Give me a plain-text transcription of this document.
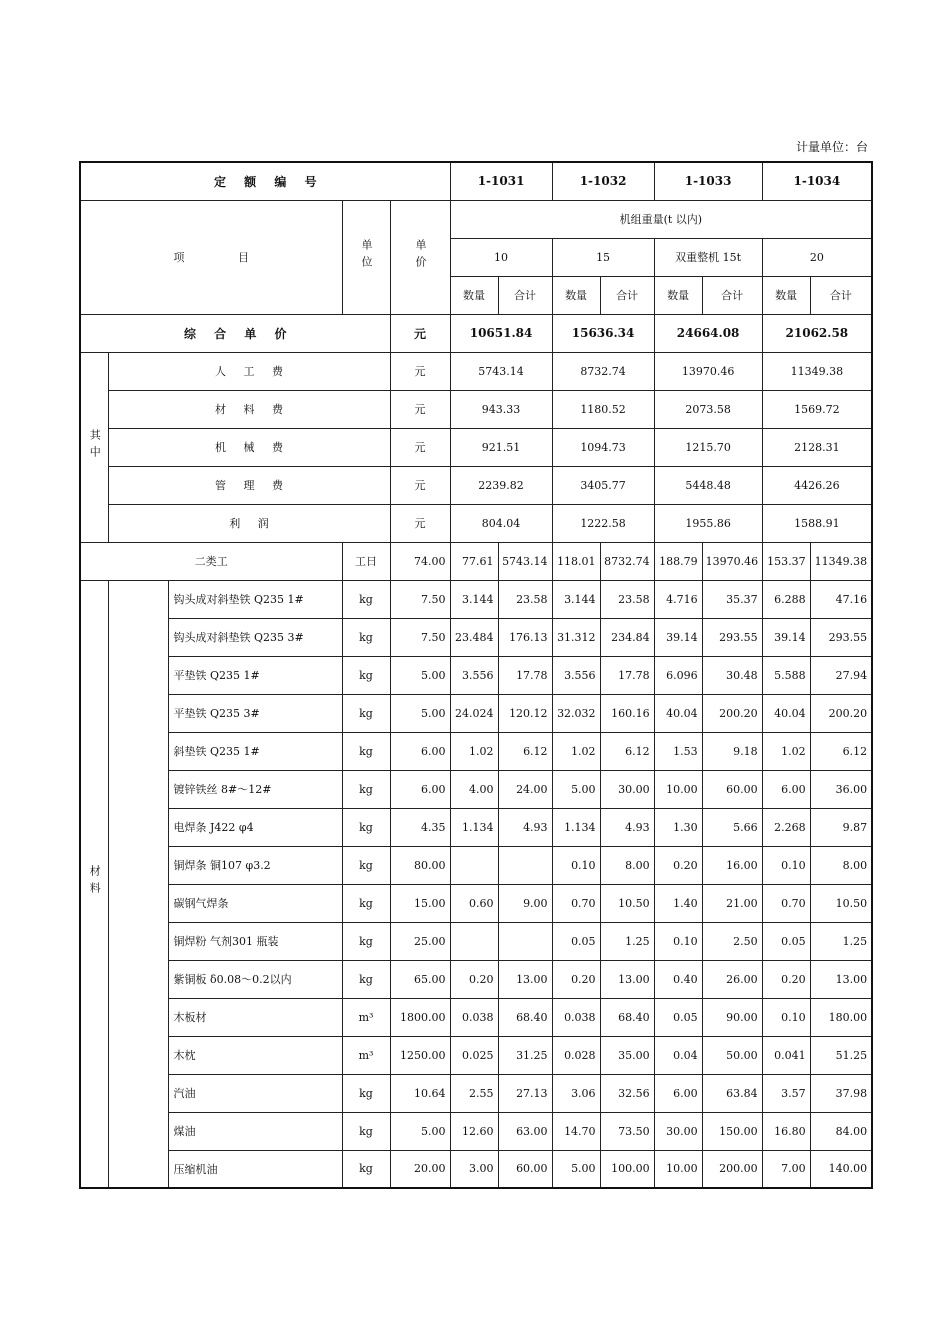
计量单位：台
定 额 编 号					1-1031		1-1032		1-1033		1-1034	
项 目			单位	单价	机组重量(t 以内)							
					10		15		双重整机 15t		20	
					数量	合计	数量	合计	数量	合计	数量	合计
综 合 单 价				元	10651.84		15636.34		24664.08		21062.58	
其中	人 工 费			元	5743.14		8732.74		13970.46		11349.38	
	材 料 费			元	943.33		1180.52		2073.58		1569.72	
	机 械 费			元	921.51		1094.73		1215.70		2128.31	
	管 理 费			元	2239.82		3405.77		5448.48		4426.26	
	利 润			元	804.04		1222.58		1955.86		1588.91	
二类工			工日	74.00	77.61	5743.14	118.01	8732.74	188.79	13970.46	153.37	11349.38
材料		钩头成对斜垫铁 Q235 1#	kg	7.50	3.144	23.58	3.144	23.58	4.716	35.37	6.288	47.16
		钩头成对斜垫铁 Q235 3#	kg	7.50	23.484	176.13	31.312	234.84	39.14	293.55	39.14	293.55
		平垫铁 Q235 1#	kg	5.00	3.556	17.78	3.556	17.78	6.096	30.48	5.588	27.94
		平垫铁 Q235 3#	kg	5.00	24.024	120.12	32.032	160.16	40.04	200.20	40.04	200.20
		斜垫铁 Q235 1#	kg	6.00	1.02	6.12	1.02	6.12	1.53	9.18	1.02	6.12
		镀锌铁丝 8#～12#	kg	6.00	4.00	24.00	5.00	30.00	10.00	60.00	6.00	36.00
		电焊条 J422 φ4	kg	4.35	1.134	4.93	1.134	4.93	1.30	5.66	2.268	9.87
		铜焊条 铜107 φ3.2	kg	80.00			0.10	8.00	0.20	16.00	0.10	8.00
		碳钢气焊条	kg	15.00	0.60	9.00	0.70	10.50	1.40	21.00	0.70	10.50
		铜焊粉 气剂301 瓶装	kg	25.00			0.05	1.25	0.10	2.50	0.05	1.25
		紫铜板 δ0.08～0.2以内	kg	65.00	0.20	13.00	0.20	13.00	0.40	26.00	0.20	13.00
		木板材	m³	1800.00	0.038	68.40	0.038	68.40	0.05	90.00	0.10	180.00
		木枕	m³	1250.00	0.025	31.25	0.028	35.00	0.04	50.00	0.041	51.25
		汽油	kg	10.64	2.55	27.13	3.06	32.56	6.00	63.84	3.57	37.98
		煤油	kg	5.00	12.60	63.00	14.70	73.50	30.00	150.00	16.80	84.00
		压缩机油	kg	20.00	3.00	60.00	5.00	100.00	10.00	200.00	7.00	140.00
